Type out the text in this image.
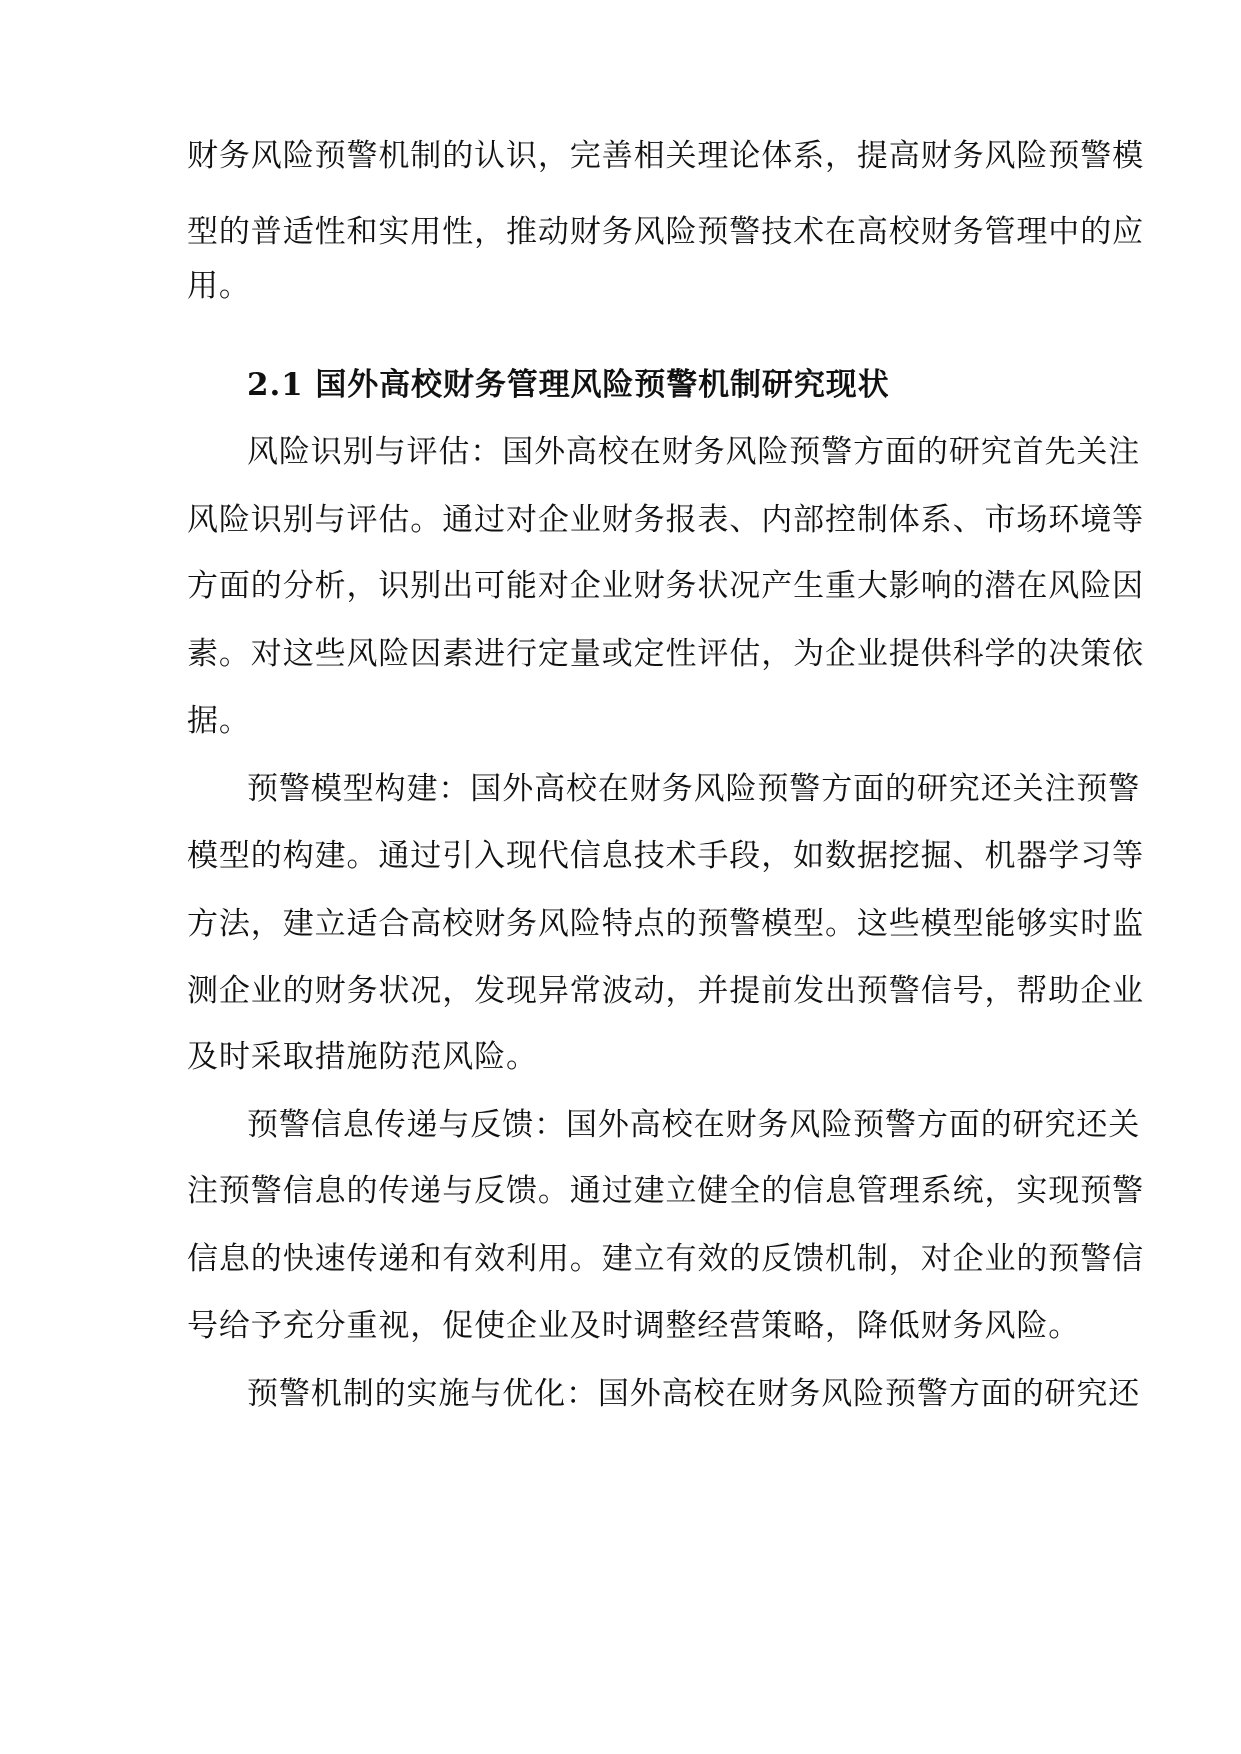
财务风险预警机制的认识，完善相关理论体系，提高财务风险预警模
型的普适性和实用性，推动财务风险预警技术在高校财务管理中的应
用。
2.1 国外高校财务管理风险预警机制研究现状
风险识别与评估：国外高校在财务风险预警方面的研究首先关注
风险识别与评估。通过对企业财务报表、内部控制体系、市场环境等
方面的分析，识别出可能对企业财务状况产生重大影响的潜在风险因
素。对这些风险因素进行定量或定性评估，为企业提供科学的决策依
据。
预警模型构建：国外高校在财务风险预警方面的研究还关注预警
模型的构建。通过引入现代信息技术手段，如数据挖掘、机器学习等
方法，建立适合高校财务风险特点的预警模型。这些模型能够实时监
测企业的财务状况，发现异常波动，并提前发出预警信号，帮助企业
及时采取措施防范风险。
预警信息传递与反馈：国外高校在财务风险预警方面的研究还关
注预警信息的传递与反馈。通过建立健全的信息管理系统，实现预警
信息的快速传递和有效利用。建立有效的反馈机制，对企业的预警信
号给予充分重视，促使企业及时调整经营策略，降低财务风险。
预警机制的实施与优化：国外高校在财务风险预警方面的研究还
